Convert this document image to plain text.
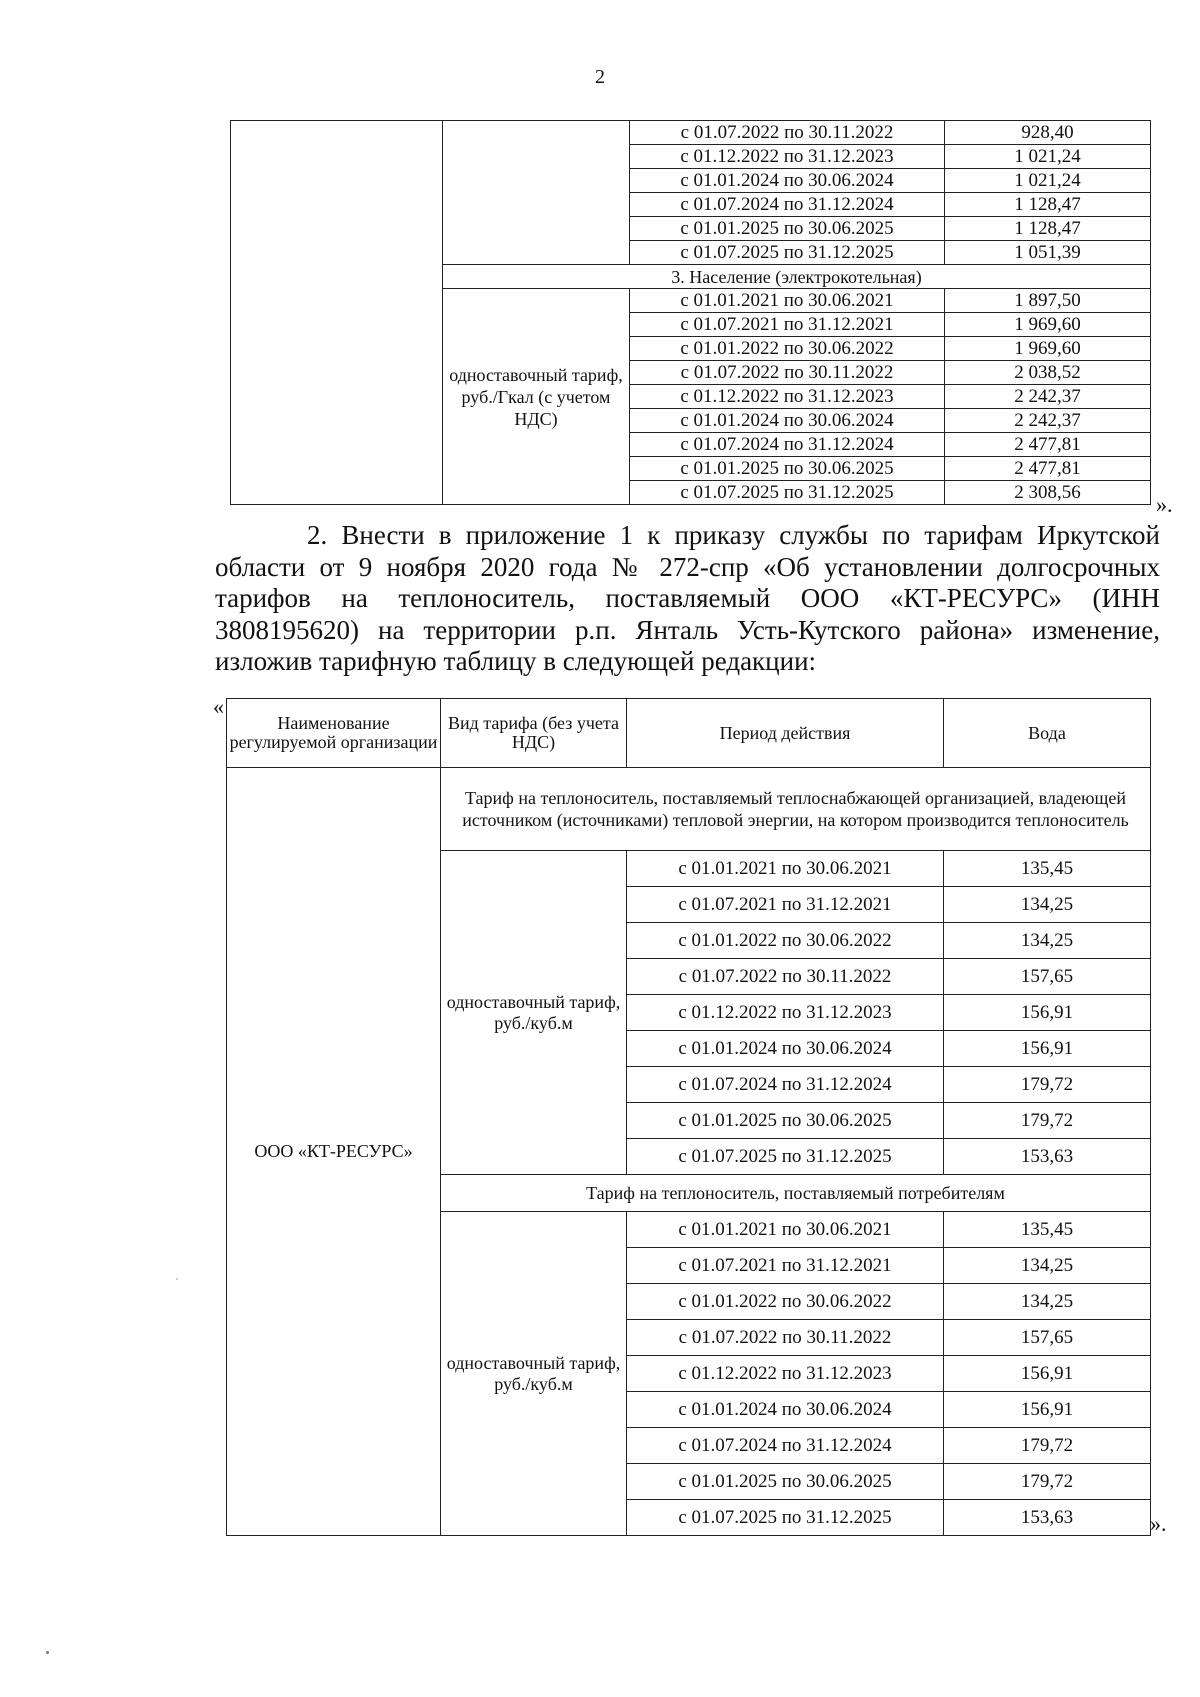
2
		с 01.07.2022 по 30.11.2022	928,40
		с 01.12.2022 по 31.12.2023	1 021,24
		с 01.01.2024 по 30.06.2024	1 021,24
		с 01.07.2024 по 31.12.2024	1 128,47
		с 01.01.2025 по 30.06.2025	1 128,47
		с 01.07.2025 по 31.12.2025	1 051,39
	3. Население (электрокотельная)		
	одноставочный тариф, руб./Гкал (с учетом НДС)	с 01.01.2021 по 30.06.2021	1 897,50
		с 01.07.2021 по 31.12.2021	1 969,60
		с 01.01.2022 по 30.06.2022	1 969,60
		с 01.07.2022 по 30.11.2022	2 038,52
		с 01.12.2022 по 31.12.2023	2 242,37
		с 01.01.2024 по 30.06.2024	2 242,37
		с 01.07.2024 по 31.12.2024	2 477,81
		с 01.01.2025 по 30.06.2025	2 477,81
		с 01.07.2025 по 31.12.2025	2 308,56	».

2. Внести в приложение 1 к приказу службы по тарифам Иркутской области от 9 ноября 2020 года № 272-спр «Об установлении долгосрочных тарифов на теплоноситель, поставляемый ООО «КТ-РЕСУРС» (ИНН 3808195620) на территории р.п. Янталь Усть-Кутского района» изменение, изложив тарифную таблицу в следующей редакции:

«
Наименование регулируемой организации	Вид тарифа (без учета НДС)	Период действия	Вода
ООО «КТ-РЕСУРС»	Тариф на теплоноситель, поставляемый теплоснабжающей организацией, владеющей источником (источниками) тепловой энергии, на котором производится теплоноситель		
	одноставочный тариф, руб./куб.м	с 01.01.2021 по 30.06.2021	135,45
		с 01.07.2021 по 31.12.2021	134,25
		с 01.01.2022 по 30.06.2022	134,25
		с 01.07.2022 по 30.11.2022	157,65
		с 01.12.2022 по 31.12.2023	156,91
		с 01.01.2024 по 30.06.2024	156,91
		с 01.07.2024 по 31.12.2024	179,72
		с 01.01.2025 по 30.06.2025	179,72
		с 01.07.2025 по 31.12.2025	153,63
	Тариф на теплоноситель, поставляемый потребителям		
	одноставочный тариф, руб./куб.м	с 01.01.2021 по 30.06.2021	135,45
		с 01.07.2021 по 31.12.2021	134,25
		с 01.01.2022 по 30.06.2022	134,25
		с 01.07.2022 по 30.11.2022	157,65
		с 01.12.2022 по 31.12.2023	156,91
		с 01.01.2024 по 30.06.2024	156,91
		с 01.07.2024 по 31.12.2024	179,72
		с 01.01.2025 по 30.06.2025	179,72
		с 01.07.2025 по 31.12.2025	153,63	».
